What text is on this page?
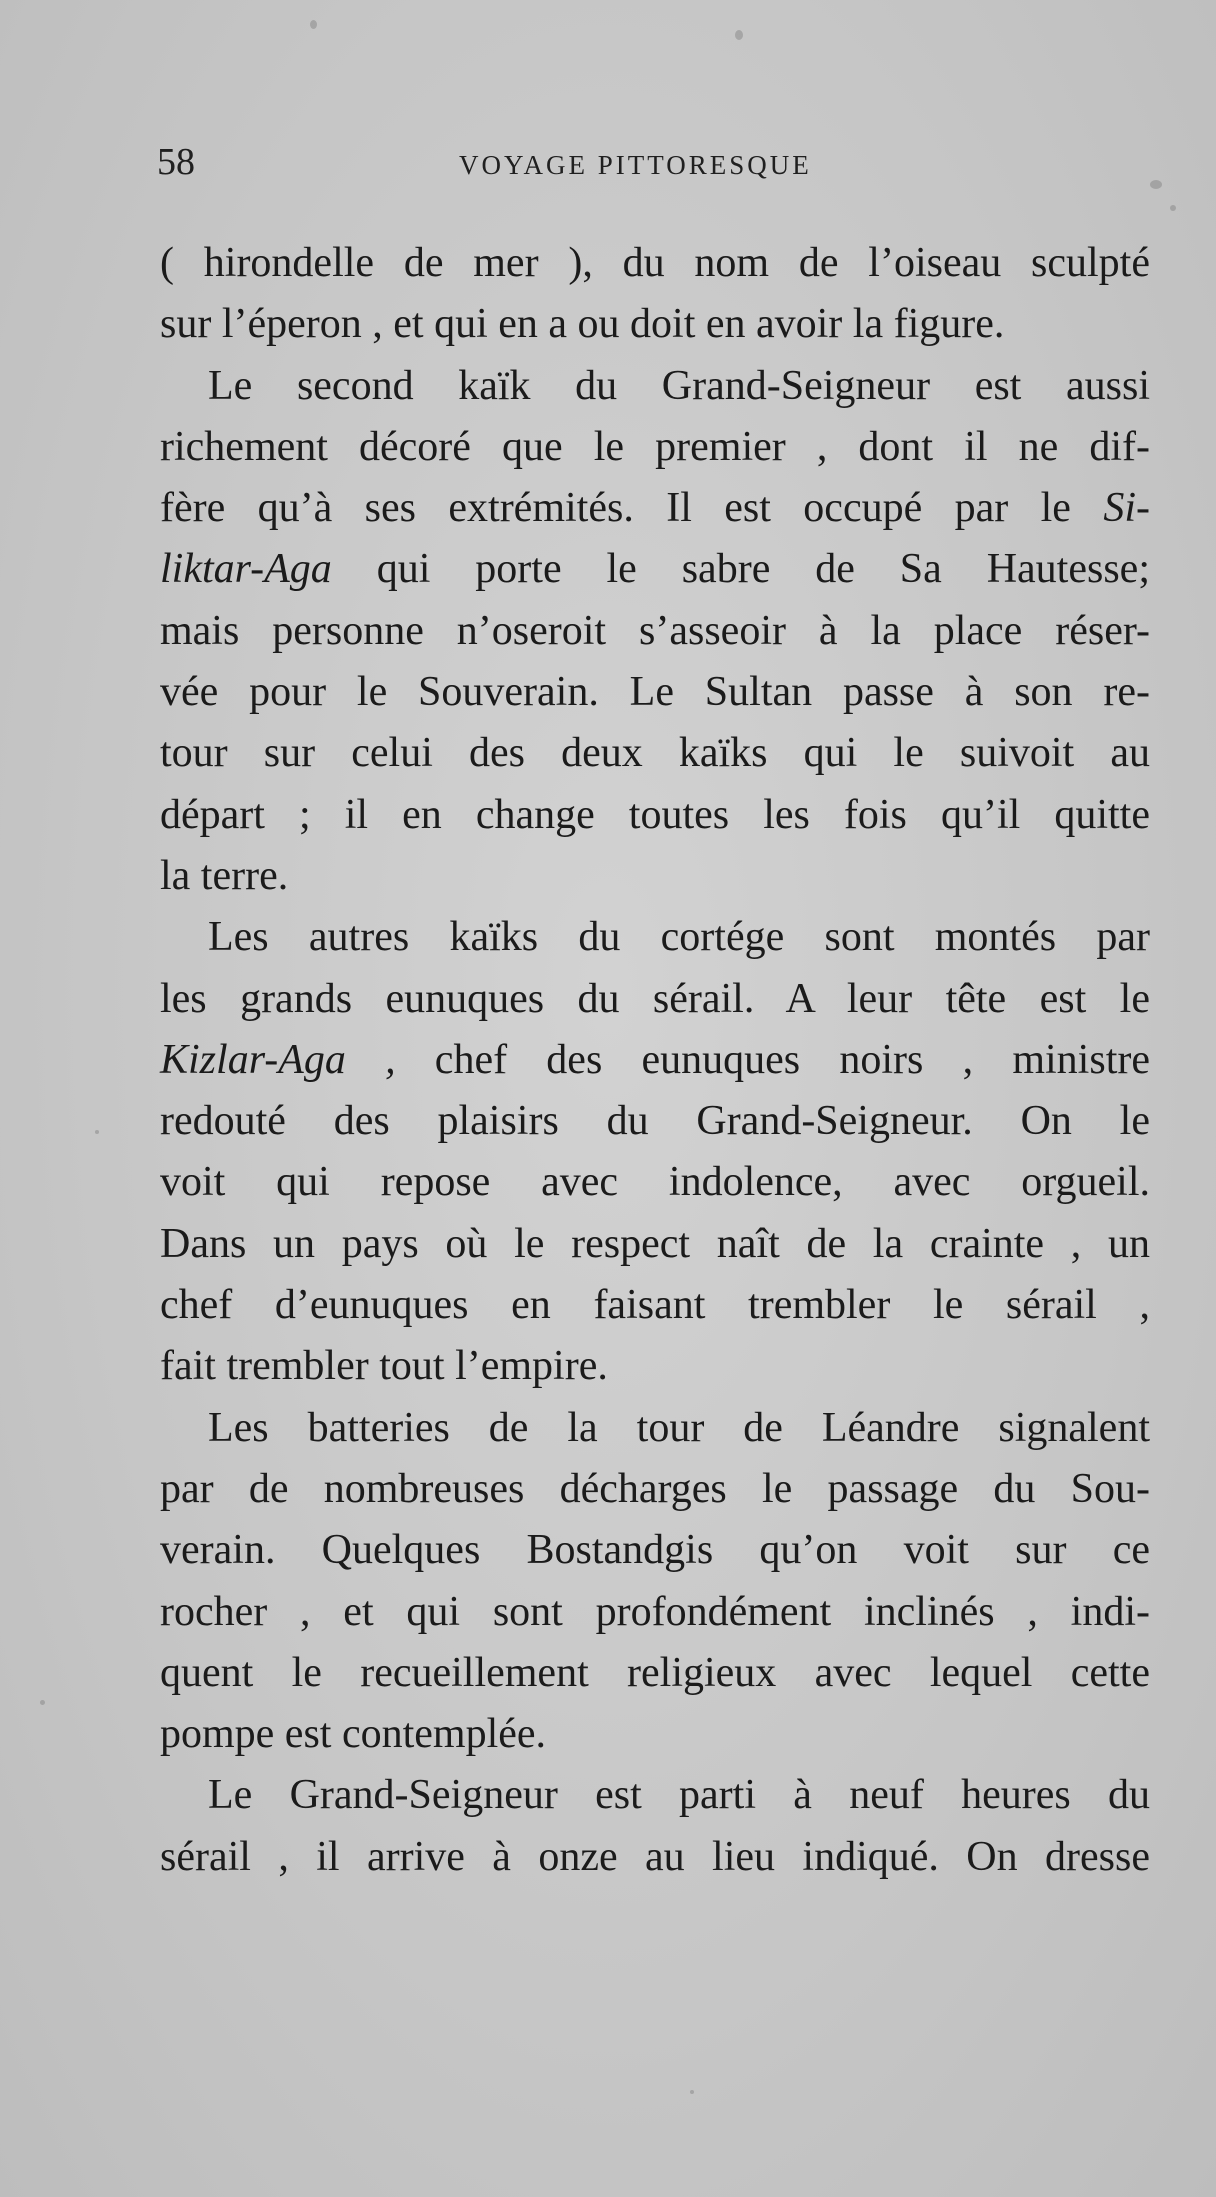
58	VOYAGE PITTORESQUE
( hirondelle de mer ), du nom de l’oiseau sculpté
sur l’éperon , et qui en a ou doit en avoir la figure.
Le second kaïk du Grand-Seigneur est aussi
richement décoré que le premier , dont il ne dif-
fère qu’à ses extrémités. Il est occupé par le Si-
liktar-Aga qui porte le sabre de Sa Hautesse;
mais personne n’oseroit s’asseoir à la place réser-
vée pour le Souverain. Le Sultan passe à son re-
tour sur celui des deux kaïks qui le suivoit au
départ ; il en change toutes les fois qu’il quitte
la terre.
Les autres kaïks du cortége sont montés par
les grands eunuques du sérail. A leur tête est le
Kizlar-Aga , chef des eunuques noirs , ministre
redouté des plaisirs du Grand-Seigneur. On le
voit qui repose avec indolence, avec orgueil.
Dans un pays où le respect naît de la crainte , un
chef d’eunuques en faisant trembler le sérail ,
fait trembler tout l’empire.
Les batteries de la tour de Léandre signalent
par de nombreuses décharges le passage du Sou-
verain. Quelques Bostandgis qu’on voit sur ce
rocher , et qui sont profondément inclinés , indi-
quent le recueillement religieux avec lequel cette
pompe est contemplée.
Le Grand-Seigneur est parti à neuf heures du
sérail , il arrive à onze au lieu indiqué. On dresse
